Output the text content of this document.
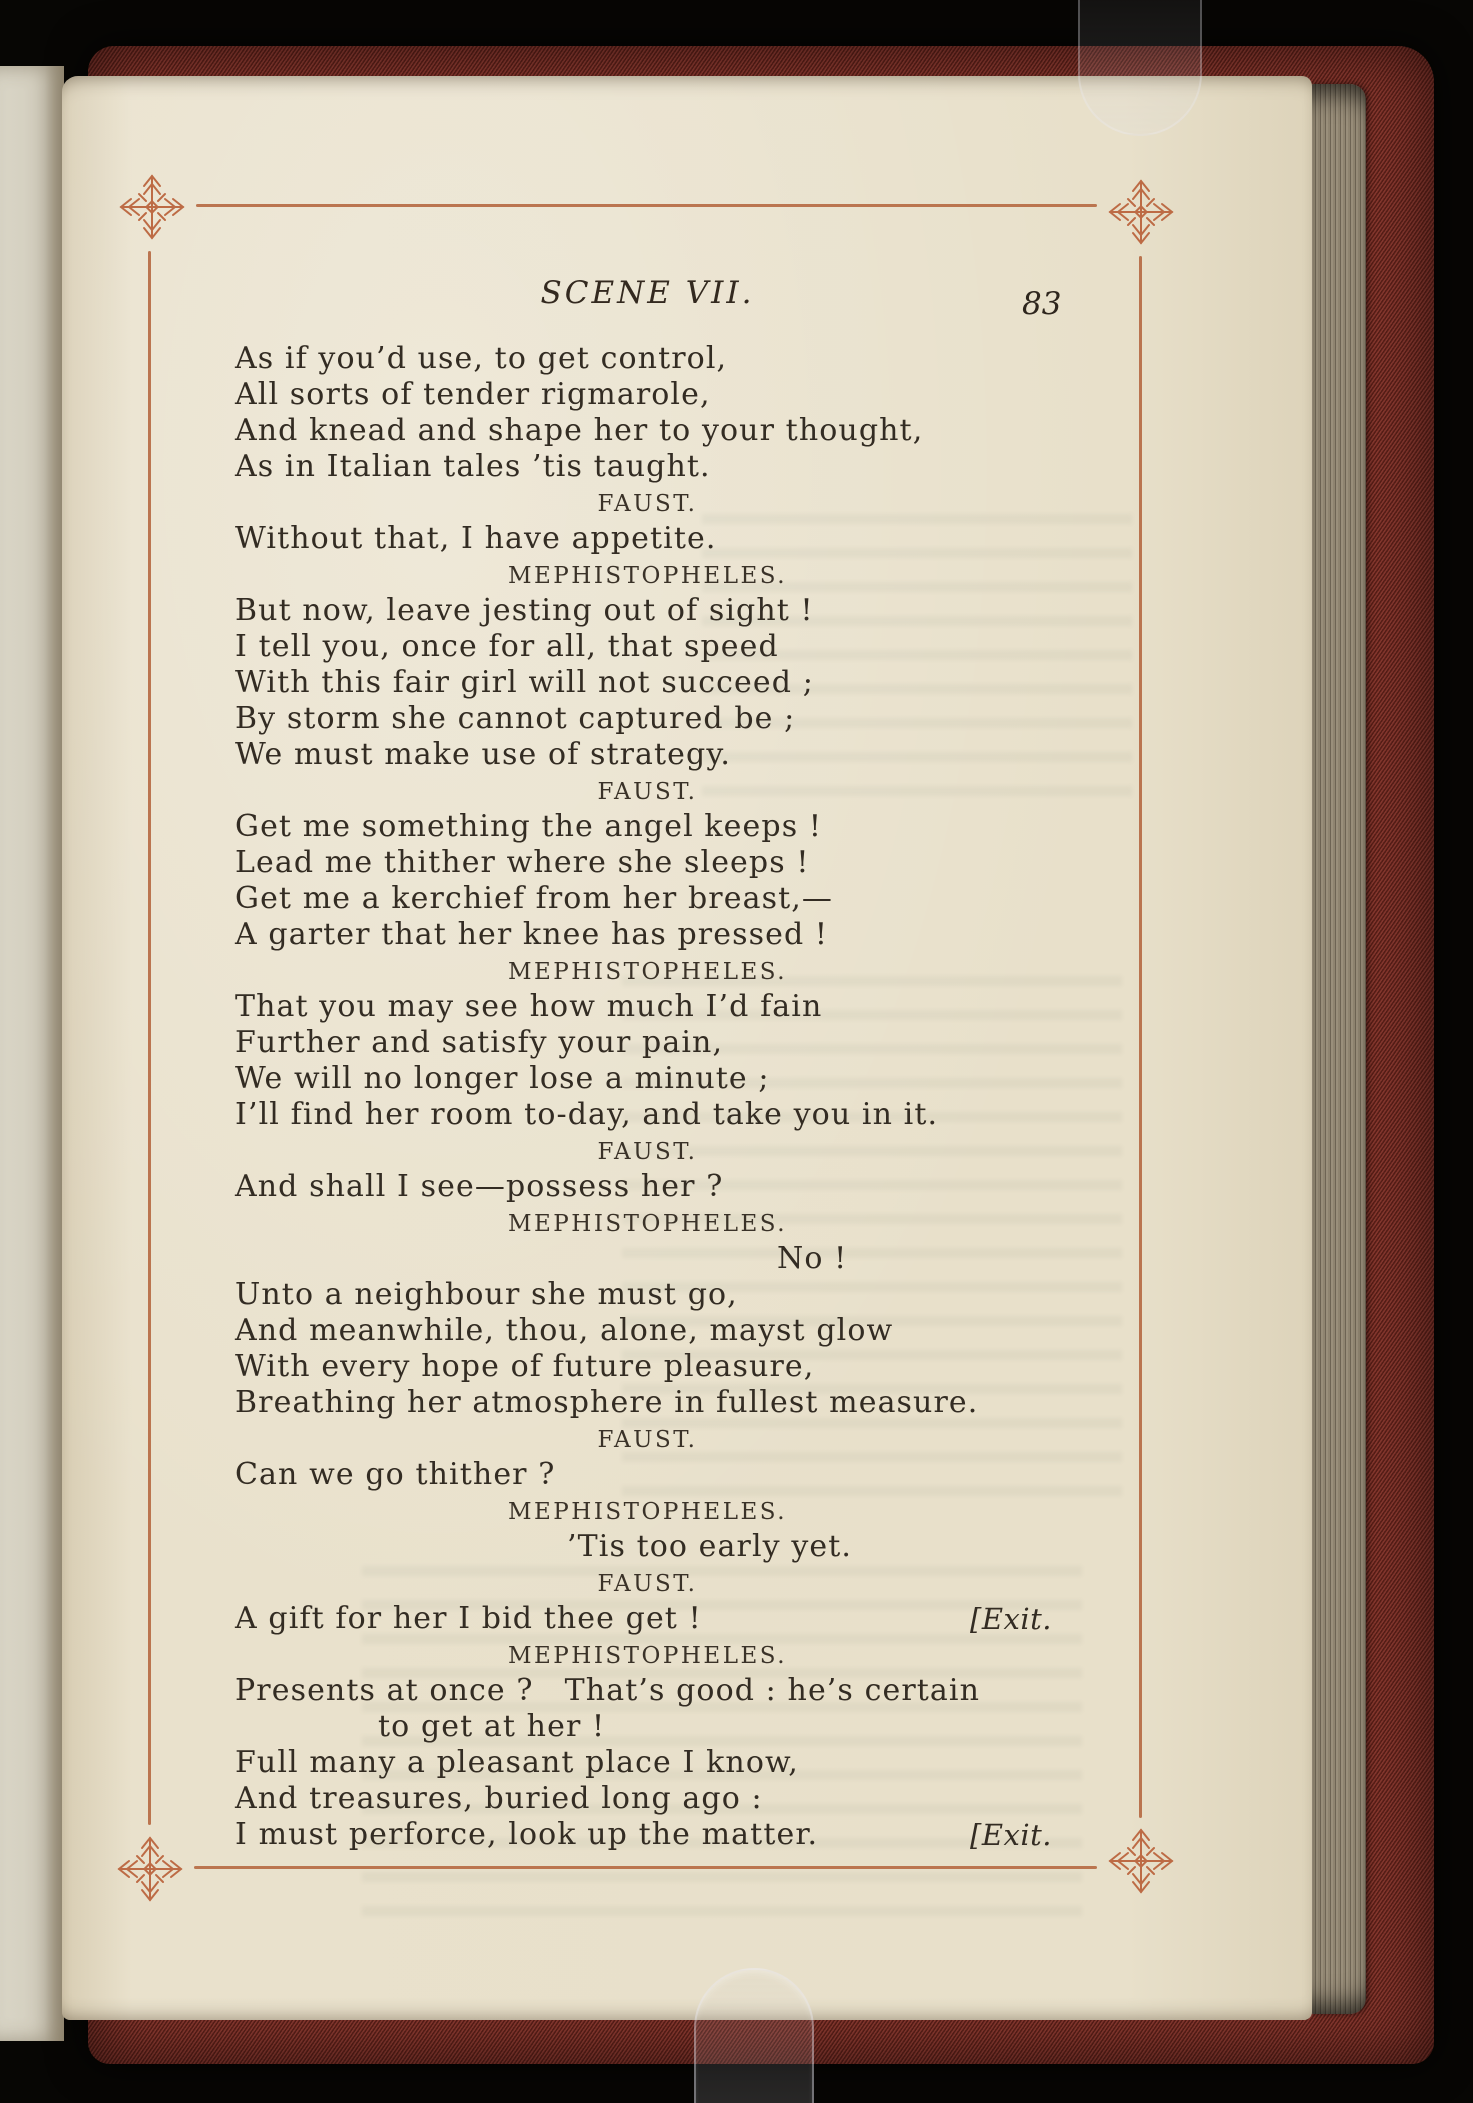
SCENE VII.	83
As if you’d use, to get control,
All sorts of tender rigmarole,
And knead and shape her to your thought,
As in Italian tales ’tis taught.
FAUST.
Without that, I have appetite.
MEPHISTOPHELES.
But now, leave jesting out of sight !
I tell you, once for all, that speed
With this fair girl will not succeed ;
By storm she cannot captured be ;
We must make use of strategy.
FAUST.
Get me something the angel keeps !
Lead me thither where she sleeps !
Get me a kerchief from her breast,—
A garter that her knee has pressed !
MEPHISTOPHELES.
That you may see how much I’d fain
Further and satisfy your pain,
We will no longer lose a minute ;
I’ll find her room to-day, and take you in it.
FAUST.
And shall I see—possess her ?
MEPHISTOPHELES.
No !
Unto a neighbour she must go,
And meanwhile, thou, alone, mayst glow
With every hope of future pleasure,
Breathing her atmosphere in fullest measure.
FAUST.
Can we go thither ?
MEPHISTOPHELES.
’Tis too early yet.
FAUST.
[Exit.
A gift for her I bid thee get !
MEPHISTOPHELES.
Presents at once ? That’s good : he’s certain
to get at her !
Full many a pleasant place I know,
And treasures, buried long ago :
[Exit.
I must perforce, look up the matter.
